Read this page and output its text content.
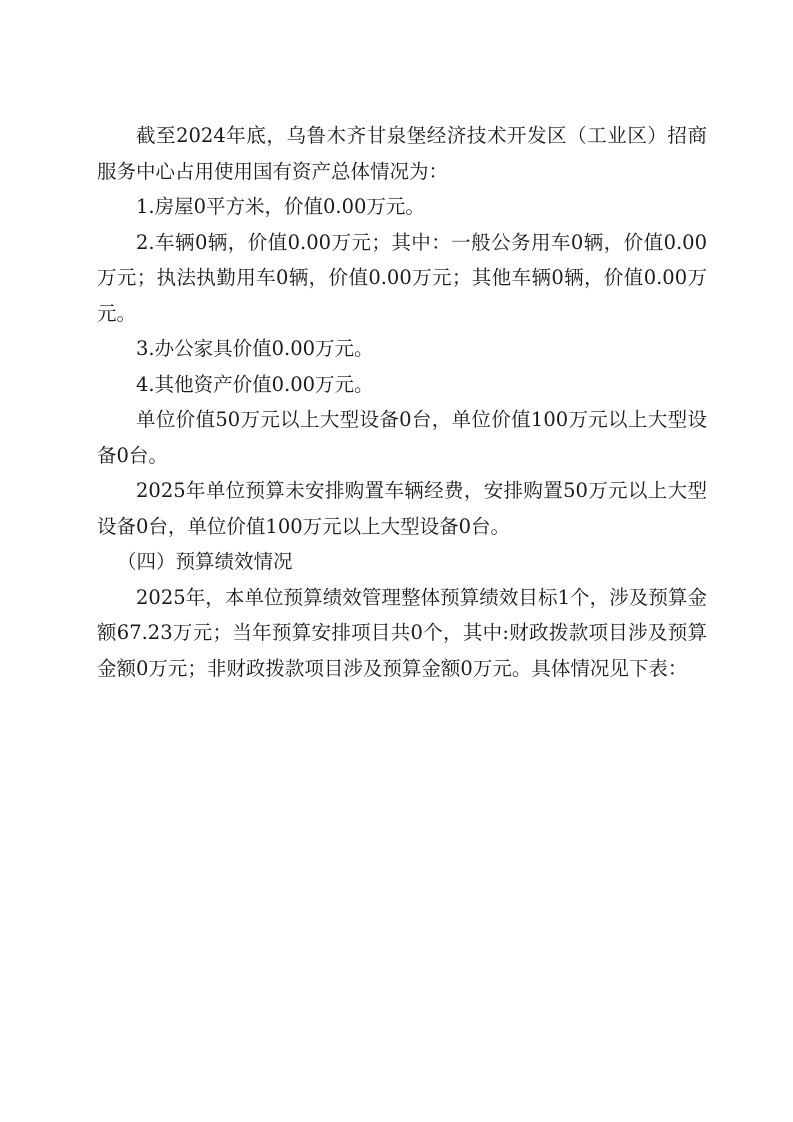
截至2024年底，乌鲁木齐甘泉堡经济技术开发区（工业区）招商服务中心占用使用国有资产总体情况为：

1.房屋0平方米，价值0.00万元。

2.车辆0辆，价值0.00万元；其中：一般公务用车0辆，价值0.00万元；执法执勤用车0辆，价值0.00万元；其他车辆0辆，价值0.00万元。

3.办公家具价值0.00万元。

4.其他资产价值0.00万元。

单位价值50万元以上大型设备0台，单位价值100万元以上大型设备0台。

2025年单位预算未安排购置车辆经费，安排购置50万元以上大型设备0台，单位价值100万元以上大型设备0台。

（四）预算绩效情况

2025年，本单位预算绩效管理整体预算绩效目标1个，涉及预算金额67.23万元；当年预算安排项目共0个，其中:财政拨款项目涉及预算金额0万元；非财政拨款项目涉及预算金额0万元。具体情况见下表：
